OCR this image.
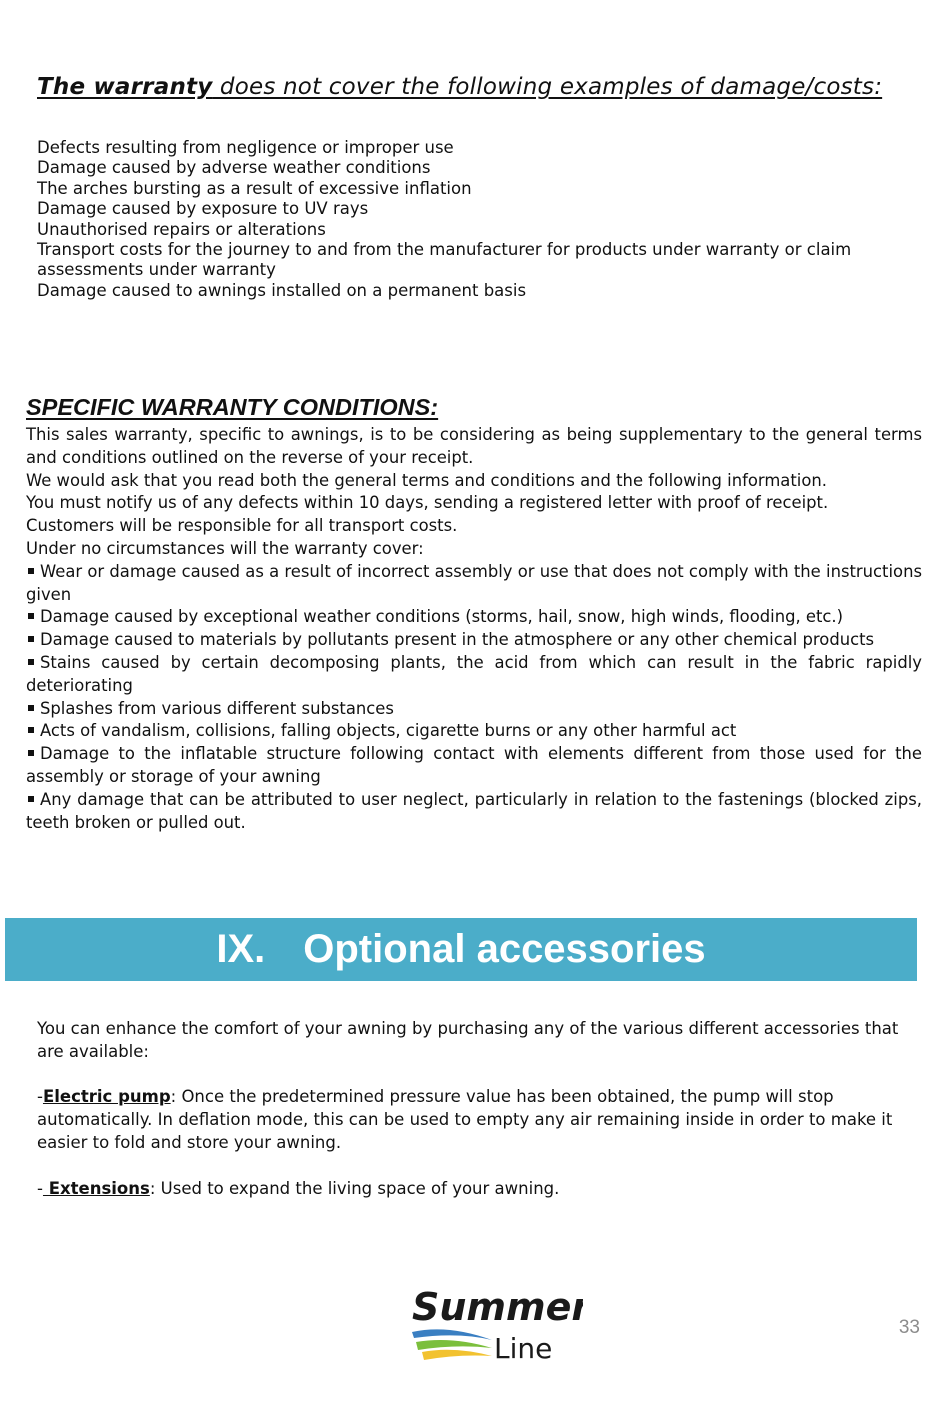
The warranty does not cover the following examples of damage/costs:
Defects resulting from negligence or improper use
Damage caused by adverse weather conditions
The arches bursting as a result of excessive inflation
Damage caused by exposure to UV rays
Unauthorised repairs or alterations
Transport costs for the journey to and from the manufacturer for products under warranty or claim assessments under warranty
Damage caused to awnings installed on a permanent basis
SPECIFIC WARRANTY CONDITIONS:

This sales warranty, specific to awnings, is to be considering as being supplementary to the general terms and conditions outlined on the reverse of your receipt.

We would ask that you read both the general terms and conditions and the following information.

You must notify us of any defects within 10 days, sending a registered letter with proof of receipt.

Customers will be responsible for all transport costs.

Under no circumstances will the warranty cover:

Wear or damage caused as a result of incorrect assembly or use that does not comply with the instructions given
Damage caused by exceptional weather conditions (storms, hail, snow, high winds, flooding, etc.)
Damage caused to materials by pollutants present in the atmosphere or any other chemical products
Stains caused by certain decomposing plants, the acid from which can result in the fabric rapidly deteriorating
Splashes from various different substances
Acts of vandalism, collisions, falling objects, cigarette burns or any other harmful act
Damage to the inflatable structure following contact with elements different from those used for the assembly or storage of your awning
Any damage that can be attributed to user neglect, particularly in relation to the fastenings (blocked zips, teeth broken or pulled out.
IX. Optional accessories

You can enhance the comfort of your awning by purchasing any of the various different accessories that are available:

-Electric pump: Once the predetermined pressure value has been obtained, the pump will stop automatically. In deflation mode, this can be used to empty any air remaining inside in order to make it easier to fold and store your awning.

- Extensions: Used to expand the living space of your awning.

Summer
Line
33
